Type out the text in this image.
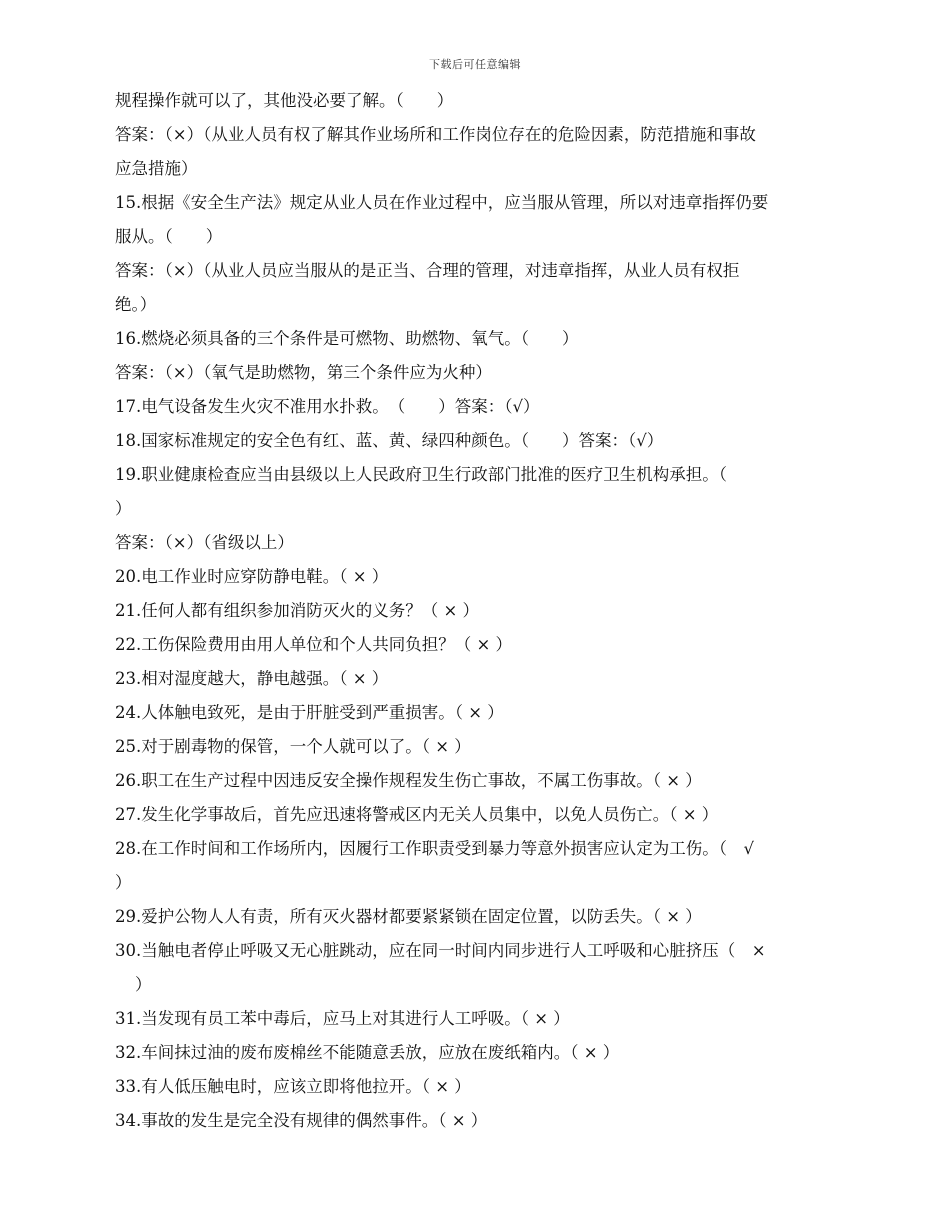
下载后可任意编辑
规程操作就可以了，其他没必要了解。（　　）
答案：（×）（从业人员有权了解其作业场所和工作岗位存在的危险因素，防范措施和事故
应急措施）
15.根据《安全生产法》规定从业人员在作业过程中，应当服从管理，所以对违章指挥仍要
服从。（　　）
答案：（×）（从业人员应当服从的是正当、合理的管理，对违章指挥，从业人员有权拒
绝。）
16.燃烧必须具备的三个条件是可燃物、助燃物、氧气。（　　）
答案：（×）（氧气是助燃物，第三个条件应为火种）
17.电气设备发生火灾不准用水扑救。　（　　）答案：（√）
18.国家标准规定的安全色有红、蓝、黄、绿四种颜色。（　　）答案：（√）
19.职业健康检查应当由县级以上人民政府卫生行政部门批准的医疗卫生机构承担。（
）
答案：（×）（省级以上）
20.电工作业时应穿防静电鞋。（ × ）
21.任何人都有组织参加消防灭火的义务？（ × ）
22.工伤保险费用由用人单位和个人共同负担？（ × ）
23.相对湿度越大，静电越强。（ × ）
24.人体触电致死，是由于肝脏受到严重损害。（ × ）
25.对于剧毒物的保管，一个人就可以了。（ × ）
26.职工在生产过程中因违反安全操作规程发生伤亡事故，不属工伤事故。（ × ）
27.发生化学事故后，首先应迅速将警戒区内无关人员集中，以免人员伤亡。（ × ）
28.在工作时间和工作场所内，因履行工作职责受到暴力等意外损害应认定为工伤。（　√
）
29.爱护公物人人有责，所有灭火器材都要紧紧锁在固定位置，以防丢失。（ × ）
30.当触电者停止呼吸又无心脏跳动，应在同一时间内同步进行人工呼吸和心脏挤压（　×
）
31.当发现有员工苯中毒后，应马上对其进行人工呼吸。（ × ）
32.车间抹过油的废布废棉丝不能随意丢放，应放在废纸箱内。（ × ）
33.有人低压触电时，应该立即将他拉开。（ × ）
34.事故的发生是完全没有规律的偶然事件。（ × ）
